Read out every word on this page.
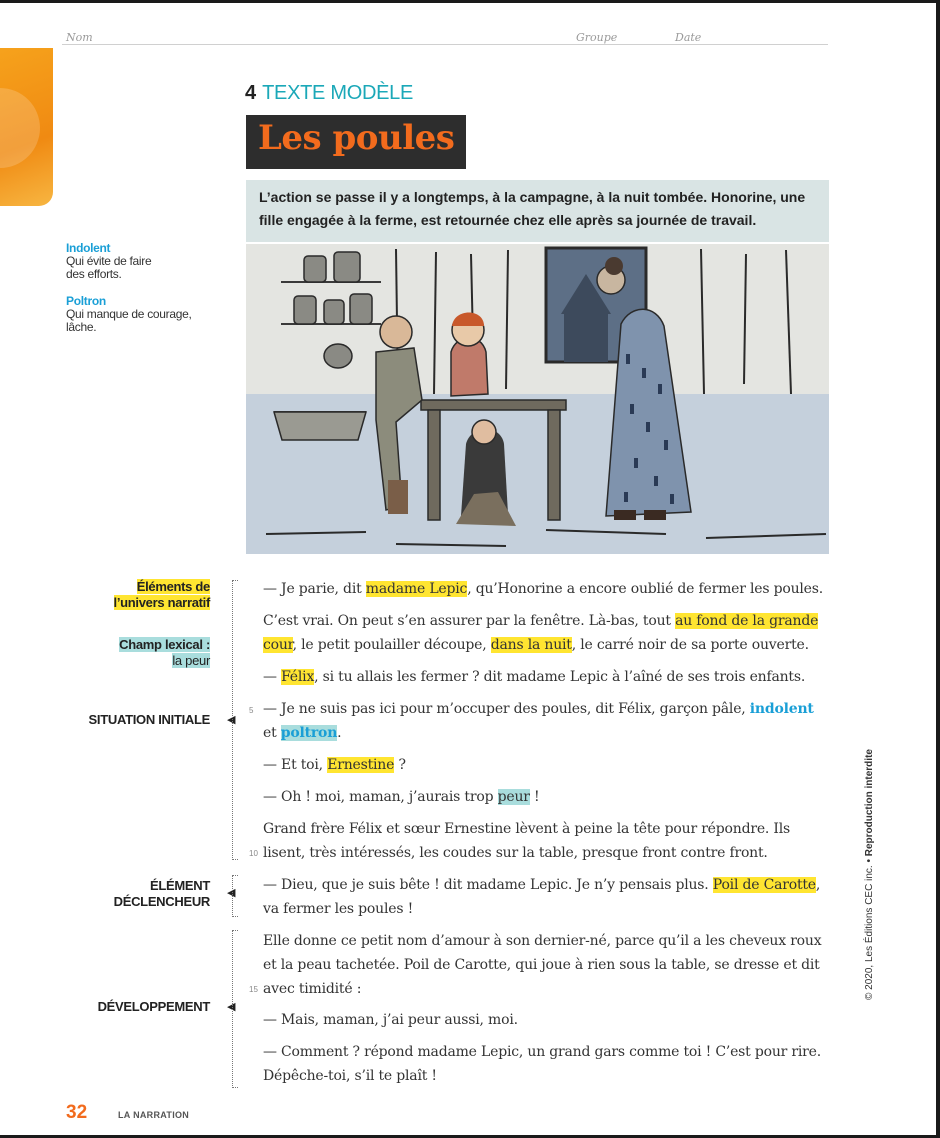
Nom	Groupe	Date
4 TEXTE MODÈLE
Les poules
L’action se passe il y a longtemps, à la campagne, à la nuit tombée. Honorine, une fille engagée à la ferme, est retournée chez elle après sa journée de travail.
Indolent
Qui évite de faire des efforts.
Poltron
Qui manque de courage, lâche.
Éléments de
l’univers narratif
Champ lexical :
la peur
SITUATION INITIALE
ÉLÉMENT
DÉCLENCHEUR
DÉVELOPPEMENT
◀
◀
◀
5
10
15
— Je parie, dit madame Lepic, qu’Honorine a encore oublié de fermer les poules.
C’est vrai. On peut s’en assurer par la fenêtre. Là-bas, tout au fond de la grande cour, le petit poulailler découpe, dans la nuit, le carré noir de sa porte ouverte.
— Félix, si tu allais les fermer ? dit madame Lepic à l’aîné de ses trois enfants.
— Je ne suis pas ici pour m’occuper des poules, dit Félix, garçon pâle, indolent et poltron.
— Et toi, Ernestine ?
— Oh ! moi, maman, j’aurais trop peur !
Grand frère Félix et sœur Ernestine lèvent à peine la tête pour répondre. Ils lisent, très intéressés, les coudes sur la table, presque front contre front.
— Dieu, que je suis bête ! dit madame Lepic. Je n’y pensais plus. Poil de Carotte, va fermer les poules !
Elle donne ce petit nom d’amour à son dernier-né, parce qu’il a les cheveux roux et la peau tachetée. Poil de Carotte, qui joue à rien sous la table, se dresse et dit avec timidité :
— Mais, maman, j’ai peur aussi, moi.
— Comment ? répond madame Lepic, un grand gars comme toi ! C’est pour rire. Dépêche-toi, s’il te plaît !
© 2020, Les Éditions CEC inc. • Reproduction interdite
32	LA NARRATION
